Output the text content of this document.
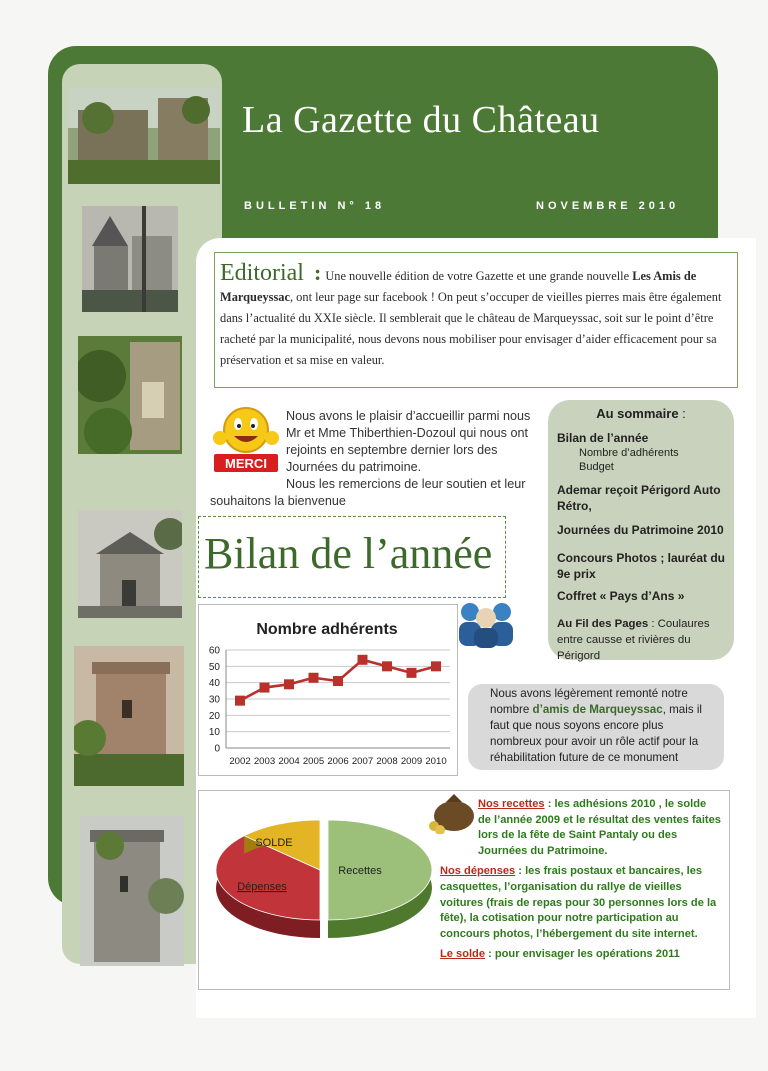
La Gazette du Château
BULLETIN N° 18	NOVEMBRE 2010
Editorial : Une nouvelle édition de votre Gazette et une grande nouvelle Les Amis de Marqueyssac, ont leur page sur facebook ! On peut s’occuper de vieilles pierres mais être également dans l’actualité du XXIe siècle. Il semblerait que le château de Marqueyssac, soit sur le point d’être racheté par la municipalité, nous devons nous mobiliser pour envisager d’aider efficacement pour sa préservation et sa mise en valeur.
MERCI
Nous avons le plaisir d’accueillir parmi nous Mr et Mme Thiberthien-Dozoul qui nous ont rejoints en septembre dernier lors des Journées du patrimoine.
Nous les remercions de leur soutien et leur souhaitons la bienvenue
Au sommaire :
Bilan de l’année
Nombre d’adhérents
Budget
Ademar reçoit Périgord Auto Rétro,
Journées du Patrimoine 2010
Concours Photos ; lauréat du 9e prix
Coffret « Pays d’Ans »
Au Fil des Pages : Coulaures entre causse et rivières du Périgord
Bilan de l’année
Nombre adhérents
0
10
20
30
40
50
60
2002 2003 2004 2005 2006 2007 2008 2009 2010
Nous avons légèrement remonté notre nombre d’amis de Marqueyssac, mais il faut que nous soyons encore plus nombreux pour avoir un rôle actif pour la réhabilitation future de ce monument
Recettes
Dépenses
SOLDE

Nos recettes : les adhésions 2010 , le solde de l’année 2009 et le résultat des ventes faites lors de la fête de Saint Pantaly ou des Journées du Patrimoine.

Nos dépenses : les frais postaux et bancaires, les casquettes, l’organisation du rallye de vieilles voitures (frais de repas pour 30 personnes lors de la fête), la cotisation pour notre participation au concours photos, l’hébergement du site internet.

Le solde : pour envisager les opérations 2011
